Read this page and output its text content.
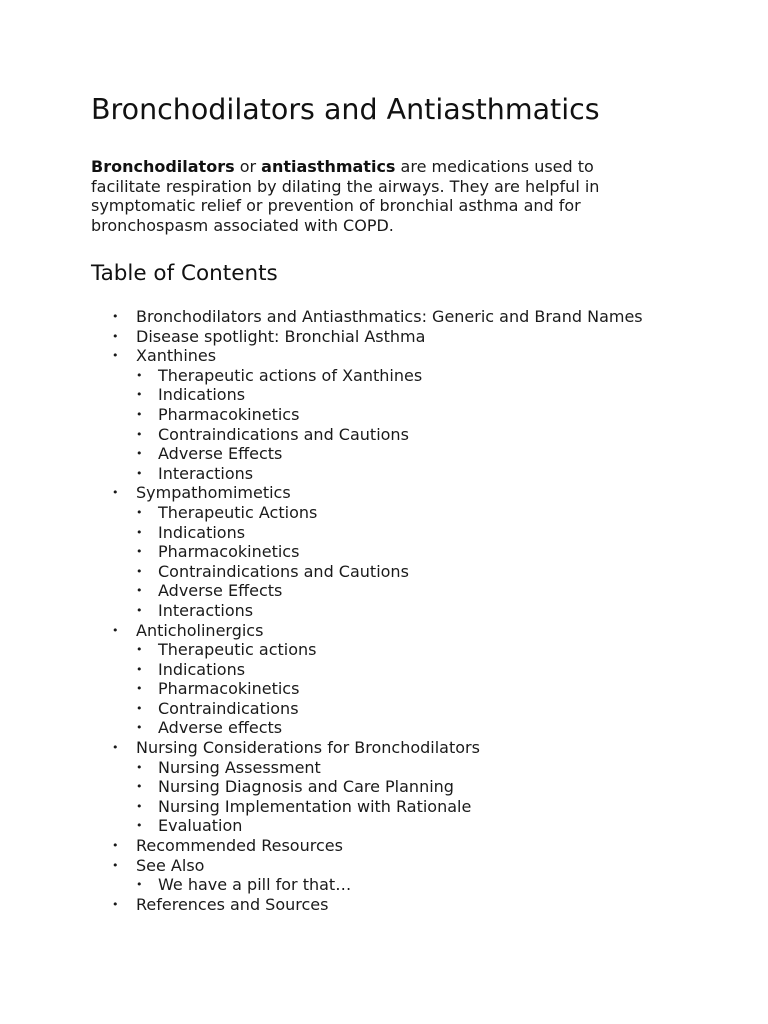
Bronchodilators and Antiasthmatics

Bronchodilators or antiasthmatics are medications used to facilitate respiration by dilating the airways. They are helpful in symptomatic relief or prevention of bronchial asthma and for bronchospasm associated with COPD.

Table of Contents
• Bronchodilators and Antiasthmatics: Generic and Brand Names
• Disease spotlight: Bronchial Asthma
• Xanthines
• Therapeutic actions of Xanthines
• Indications
• Pharmacokinetics
• Contraindications and Cautions
• Adverse Effects
• Interactions
• Sympathomimetics
• Therapeutic Actions
• Indications
• Pharmacokinetics
• Contraindications and Cautions
• Adverse Effects
• Interactions
• Anticholinergics
• Therapeutic actions
• Indications
• Pharmacokinetics
• Contraindications
• Adverse effects
• Nursing Considerations for Bronchodilators
• Nursing Assessment
• Nursing Diagnosis and Care Planning
• Nursing Implementation with Rationale
• Evaluation
• Recommended Resources
• See Also
• We have a pill for that…
• References and Sources
